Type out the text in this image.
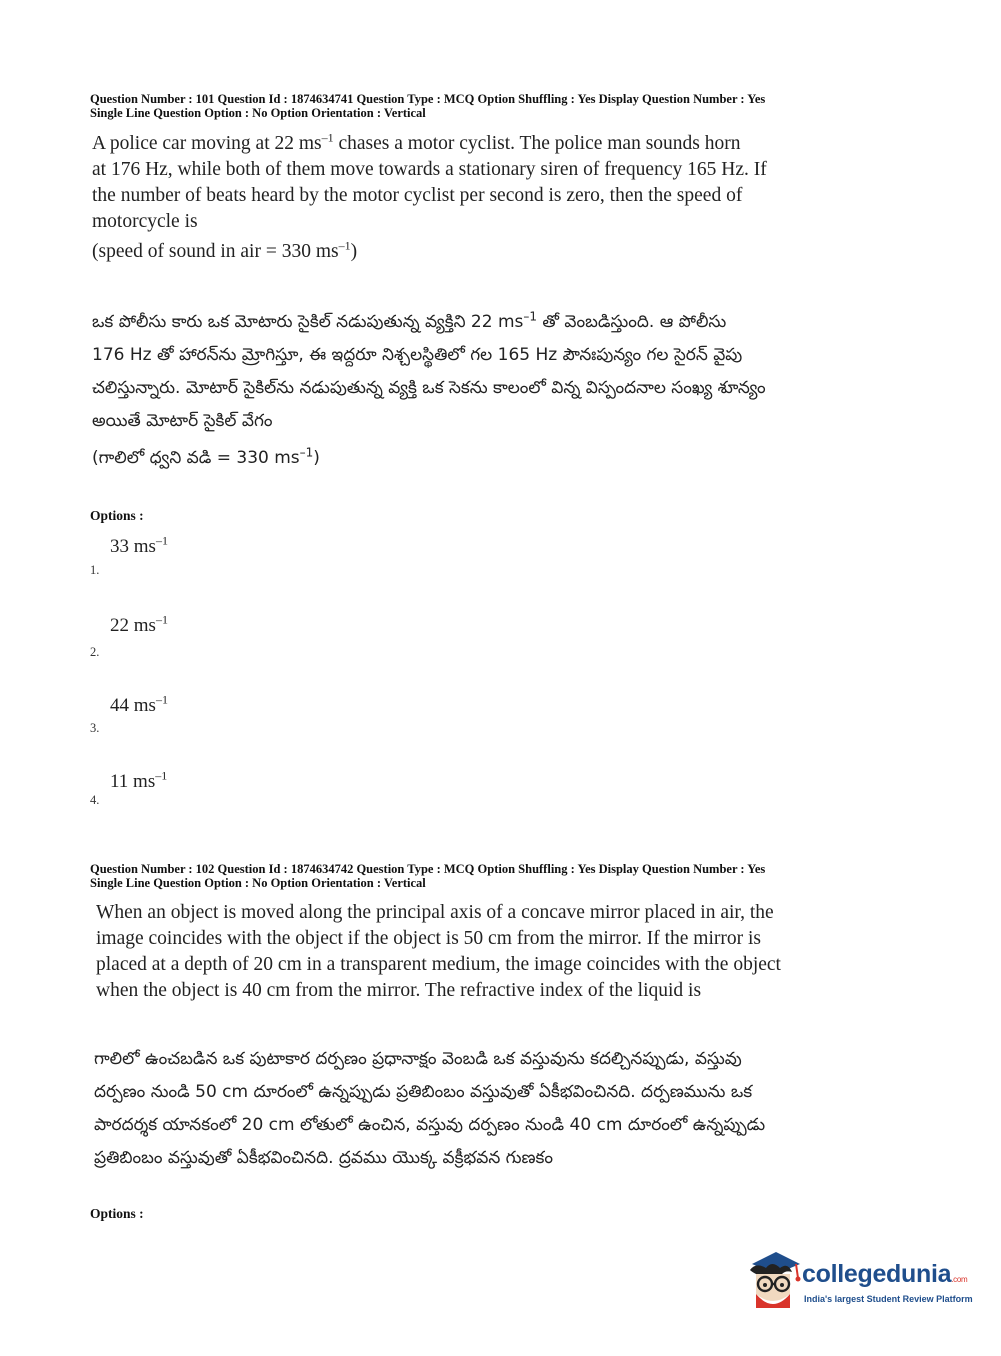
Question Number : 101 Question Id : 1874634741 Question Type : MCQ Option Shuffling : Yes Display Question Number : Yes
Single Line Question Option : No Option Orientation : Vertical
A police car moving at 22 $ms^{-1}$ chases a motor cyclist. The police man sounds horn
at 176 Hz, while both of them move towards a stationary siren of frequency 165 Hz. If
the number of beats heard by the motor cyclist per second is zero, then the speed of
motorcycle is
(speed of sound in air = 330 $ms^{-1}$)
ఒక పోలీసు కారు ఒక మోటారు సైకిల్ నడుపుతున్న వ్యక్తిని 22 $ms^{-1}$ తో వెంబడిస్తుంది. ఆ పోలీసు
176 Hz తో హారన్‌ను మ్రోగిస్తూ, ఈ ఇద్దరూ నిశ్చలస్థితిలో గల 165 Hz పౌనఃపున్యం గల సైరన్ వైపు
చలిస్తున్నారు. మోటార్ సైకిల్‌ను నడుపుతున్న వ్యక్తి ఒక సెకను కాలంలో విన్న విస్పందనాల సంఖ్య శూన్యం
అయితే మోటార్ సైకిల్ వేగం
(గాలిలో ధ్వని వడి = 330 $ms^{-1}$)
Options :
33 $ms^{-1}$
1.
22 $ms^{-1}$
2.
44 $ms^{-1}$
3.
11 $ms^{-1}$
4.
Question Number : 102 Question Id : 1874634742 Question Type : MCQ Option Shuffling : Yes Display Question Number : Yes
Single Line Question Option : No Option Orientation : Vertical
When an object is moved along the principal axis of a concave mirror placed in air, the
image coincides with the object if the object is 50 cm from the mirror. If the mirror is
placed at a depth of 20 cm in a transparent medium, the image coincides with the object
when the object is 40 cm from the mirror. The refractive index of the liquid is
గాలిలో ఉంచబడిన ఒక పుటాకార దర్పణం ప్రధానాక్షం వెంబడి ఒక వస్తువును కదల్చినప్పుడు, వస్తువు
దర్పణం నుండి 50 cm దూరంలో ఉన్నప్పుడు ప్రతిబింబం వస్తువుతో ఏకీభవించినది. దర్పణమును ఒక
పారదర్శక యానకంలో 20 cm లోతులో ఉంచిన, వస్తువు దర్పణం నుండి 40 cm దూరంలో ఉన్నప్పుడు
ప్రతిబింబం వస్తువుతో ఏకీభవించినది. ద్రవము యొక్క వక్రీభవన గుణకం
Options :
collegedunia.com
India's largest Student Review Platform
